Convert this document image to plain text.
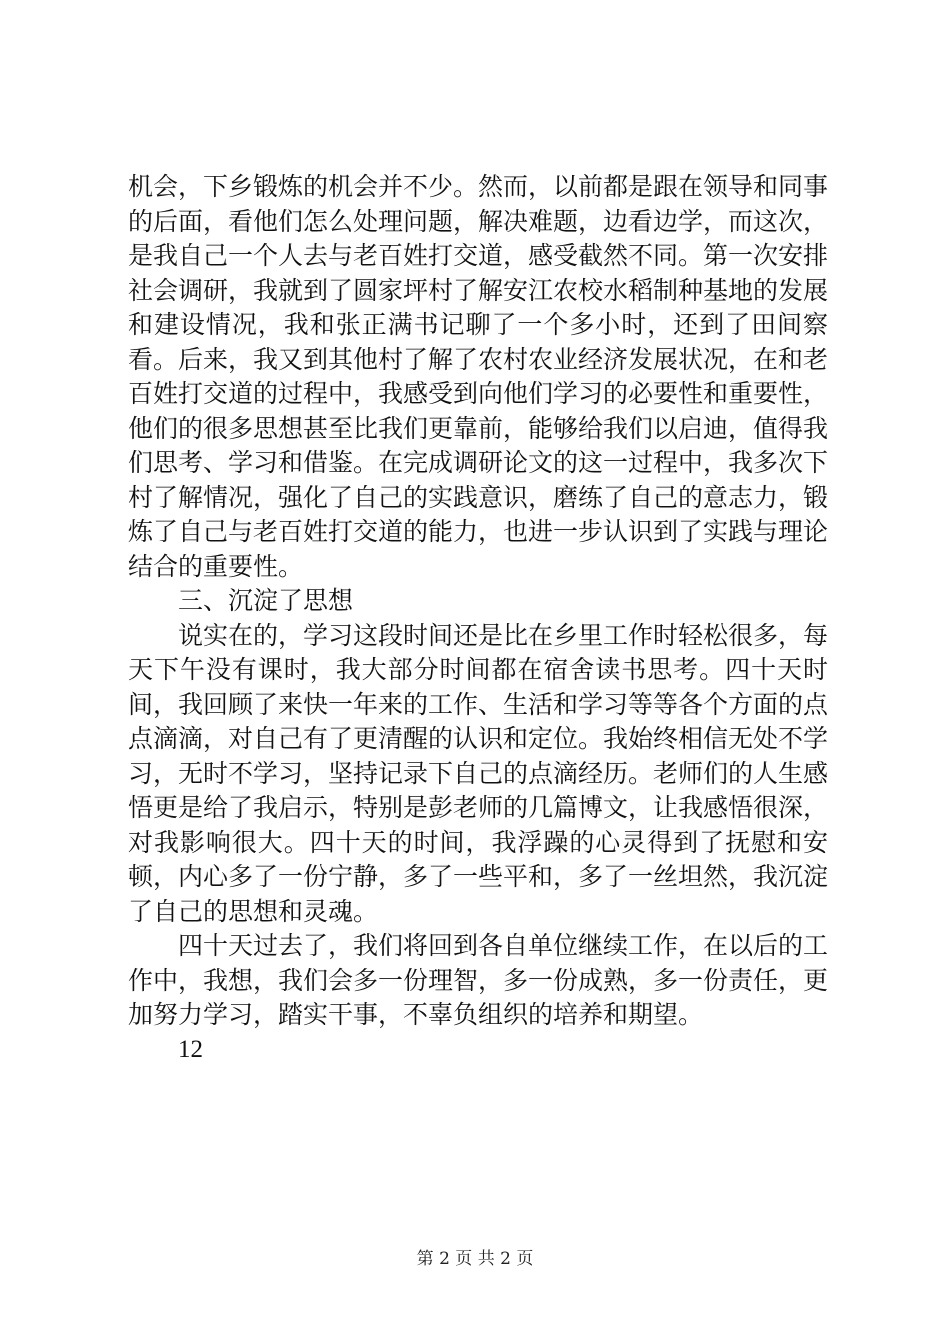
机会，下乡锻炼的机会并不少。然而，以前都是跟在领导和同事的后面，看他们怎么处理问题，解决难题，边看边学，而这次，是我自己一个人去与老百姓打交道，感受截然不同。第一次安排社会调研，我就到了圆家坪村了解安江农校水稻制种基地的发展和建设情况，我和张正满书记聊了一个多小时，还到了田间察看。后来，我又到其他村了解了农村农业经济发展状况，在和老百姓打交道的过程中，我感受到向他们学习的必要性和重要性，他们的很多思想甚至比我们更靠前，能够给我们以启迪，值得我们思考、学习和借鉴。在完成调研论文的这一过程中，我多次下村了解情况，强化了自己的实践意识，磨练了自己的意志力，锻炼了自己与老百姓打交道的能力，也进一步认识到了实践与理论结合的重要性。

三、沉淀了思想

说实在的，学习这段时间还是比在乡里工作时轻松很多，每天下午没有课时，我大部分时间都在宿舍读书思考。四十天时间，我回顾了来快一年来的工作、生活和学习等等各个方面的点点滴滴，对自己有了更清醒的认识和定位。我始终相信无处不学习，无时不学习，坚持记录下自己的点滴经历。老师们的人生感悟更是给了我启示，特别是彭老师的几篇博文，让我感悟很深，对我影响很大。四十天的时间，我浮躁的心灵得到了抚慰和安顿，内心多了一份宁静，多了一些平和，多了一丝坦然，我沉淀了自己的思想和灵魂。

四十天过去了，我们将回到各自单位继续工作，在以后的工作中，我想，我们会多一份理智，多一份成熟，多一份责任，更加努力学习，踏实干事，不辜负组织的培养和期望。

12

第 2 页 共 2 页
